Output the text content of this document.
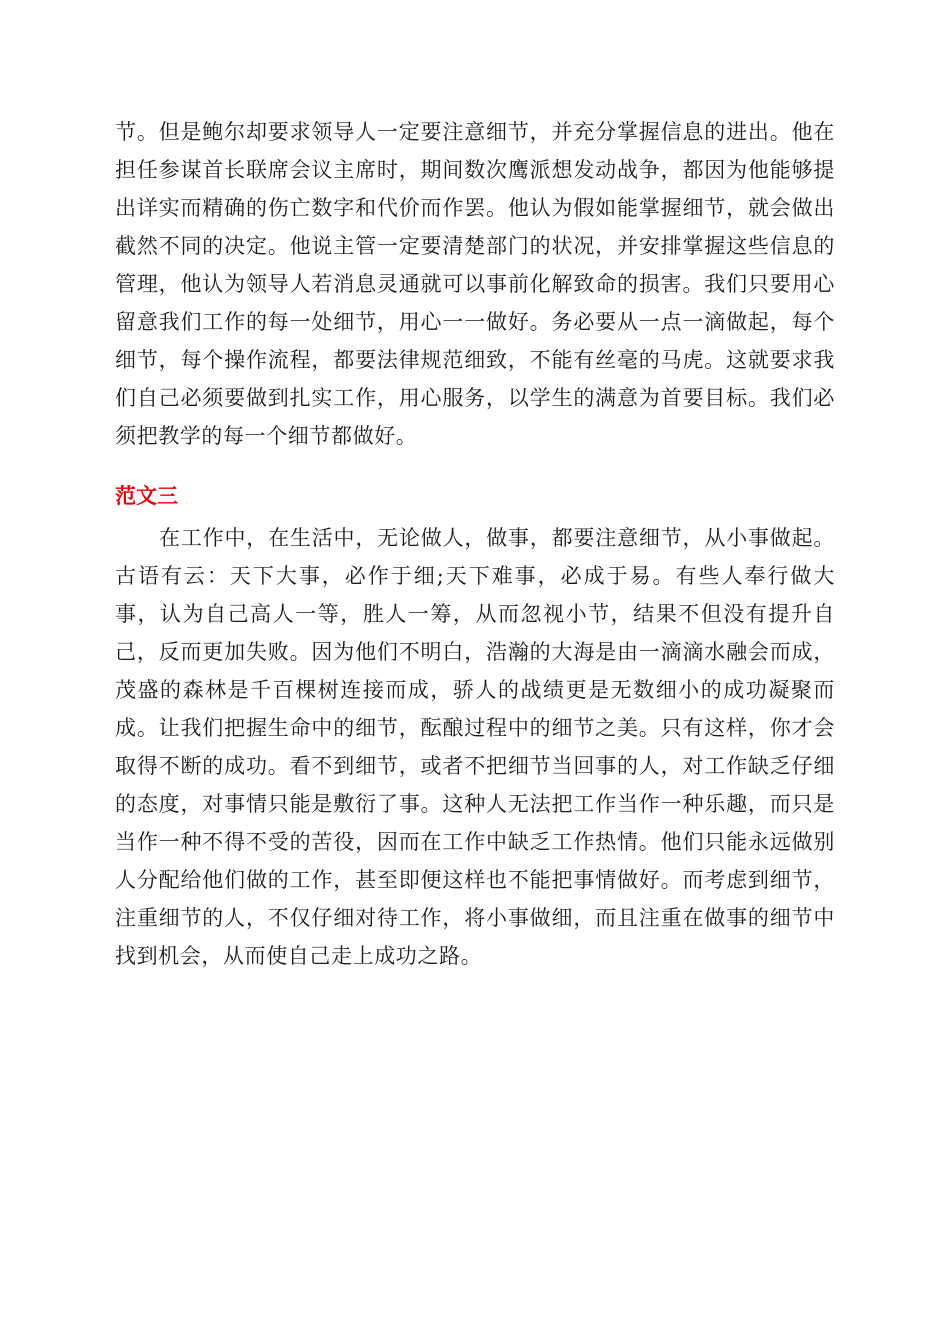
节。但是鲍尔却要求领导人一定要注意细节，并充分掌握信息的进出。他在担任参谋首长联席会议主席时，期间数次鹰派想发动战争，都因为他能够提出详实而精确的伤亡数字和代价而作罢。他认为假如能掌握细节，就会做出截然不同的决定。他说主管一定要清楚部门的状况，并安排掌握这些信息的管理，他认为领导人若消息灵通就可以事前化解致命的损害。我们只要用心留意我们工作的每一处细节，用心一一做好。务必要从一点一滴做起，每个细节，每个操作流程，都要法律规范细致，不能有丝毫的马虎。这就要求我们自己必须要做到扎实工作，用心服务，以学生的满意为首要目标。我们必须把教学的每一个细节都做好。

范文三

在工作中，在生活中，无论做人，做事，都要注意细节，从小事做起。古语有云：天下大事，必作于细;天下难事，必成于易。有些人奉行做大事，认为自己高人一等，胜人一筹，从而忽视小节，结果不但没有提升自己，反而更加失败。因为他们不明白，浩瀚的大海是由一滴滴水融会而成，茂盛的森林是千百棵树连接而成，骄人的战绩更是无数细小的成功凝聚而成。让我们把握生命中的细节，酝酿过程中的细节之美。只有这样，你才会取得不断的成功。看不到细节，或者不把细节当回事的人，对工作缺乏仔细的态度，对事情只能是敷衍了事。这种人无法把工作当作一种乐趣，而只是当作一种不得不受的苦役，因而在工作中缺乏工作热情。他们只能永远做别人分配给他们做的工作，甚至即便这样也不能把事情做好。而考虑到细节，注重细节的人，不仅仔细对待工作，将小事做细，而且注重在做事的细节中找到机会，从而使自己走上成功之路。
